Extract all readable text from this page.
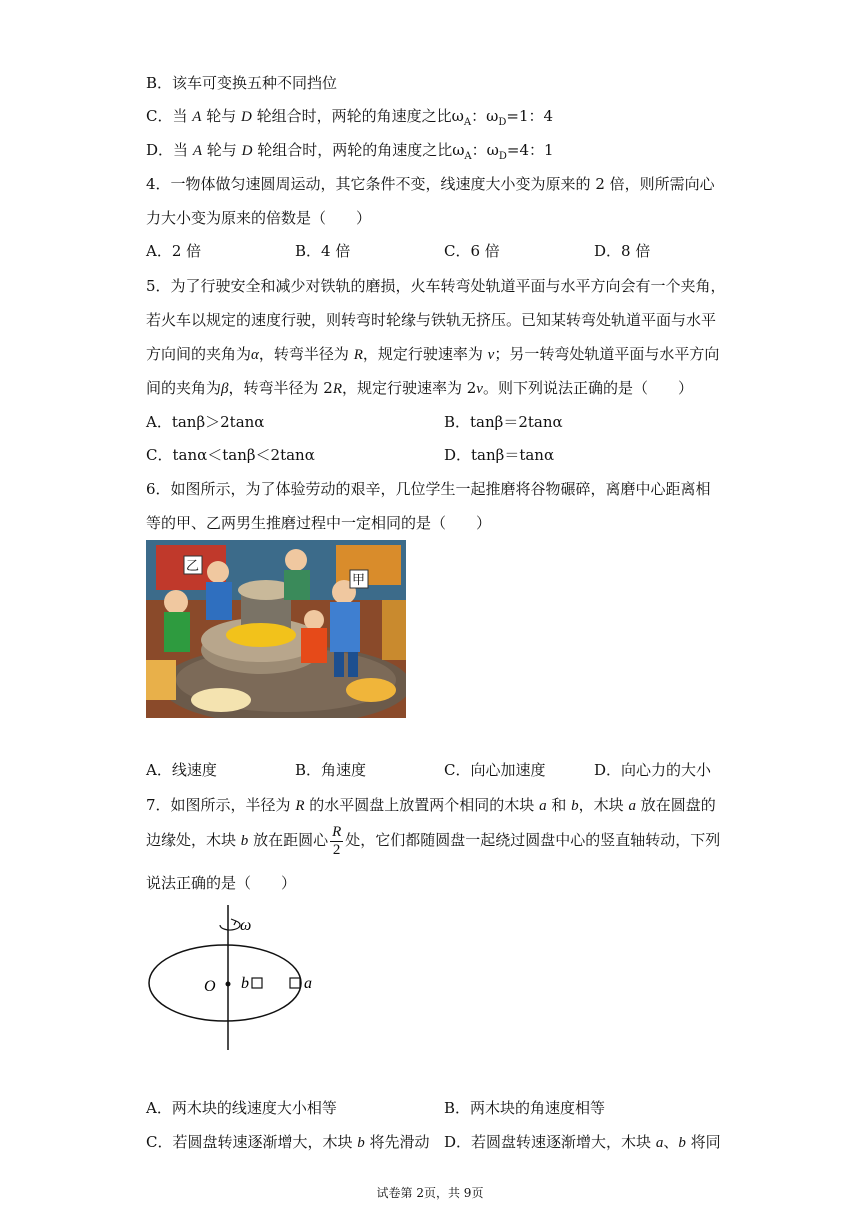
B．该车可变换五种不同挡位
C．当 A 轮与 D 轮组合时，两轮的角速度之比$\omega_A$：$\omega_D=1$：4
D．当 A 轮与 D 轮组合时，两轮的角速度之比$\omega_A$：$\omega_D=4$：1
4．一物体做匀速圆周运动，其它条件不变，线速度大小变为原来的 2 倍，则所需向心
力大小变为原来的倍数是（　　）
A．2 倍	B．4 倍	C．6 倍	D．8 倍
5．为了行驶安全和减少对铁轨的磨损，火车转弯处轨道平面与水平方向会有一个夹角，
若火车以规定的速度行驶，则转弯时轮缘与铁轨无挤压。已知某转弯处轨道平面与水平
方向间的夹角为α，转弯半径为 R，规定行驶速率为 v；另一转弯处轨道平面与水平方向
间的夹角为β，转弯半径为 2R，规定行驶速率为 2v。则下列说法正确的是（　　）
A．tanβ＞2tanα	B．tanβ＝2tanα
C．tanα＜tanβ＜2tanα	D．tanβ＝tanα
6．如图所示，为了体验劳动的艰辛，几位学生一起推磨将谷物碾碎，离磨中心距离相
等的甲、乙两男生推磨过程中一定相同的是（　　）
乙
甲
A．线速度	B．角速度	C．向心加速度	D．向心力的大小
7．如图所示，半径为 R 的水平圆盘上放置两个相同的木块 a 和 b，木块 a 放在圆盘的
边缘处，木块 b 放在距圆心 $\frac{R}{2}$ 处，它们都随圆盘一起绕过圆盘中心的竖直轴转动，下列
说法正确的是（　　）
ω
O b	a
A．两木块的线速度大小相等	B．两木块的角速度相等
C．若圆盘转速逐渐增大，木块 b 将先滑动 D．若圆盘转速逐渐增大，木块 a、b 将同
试卷第 2页，共 9页
